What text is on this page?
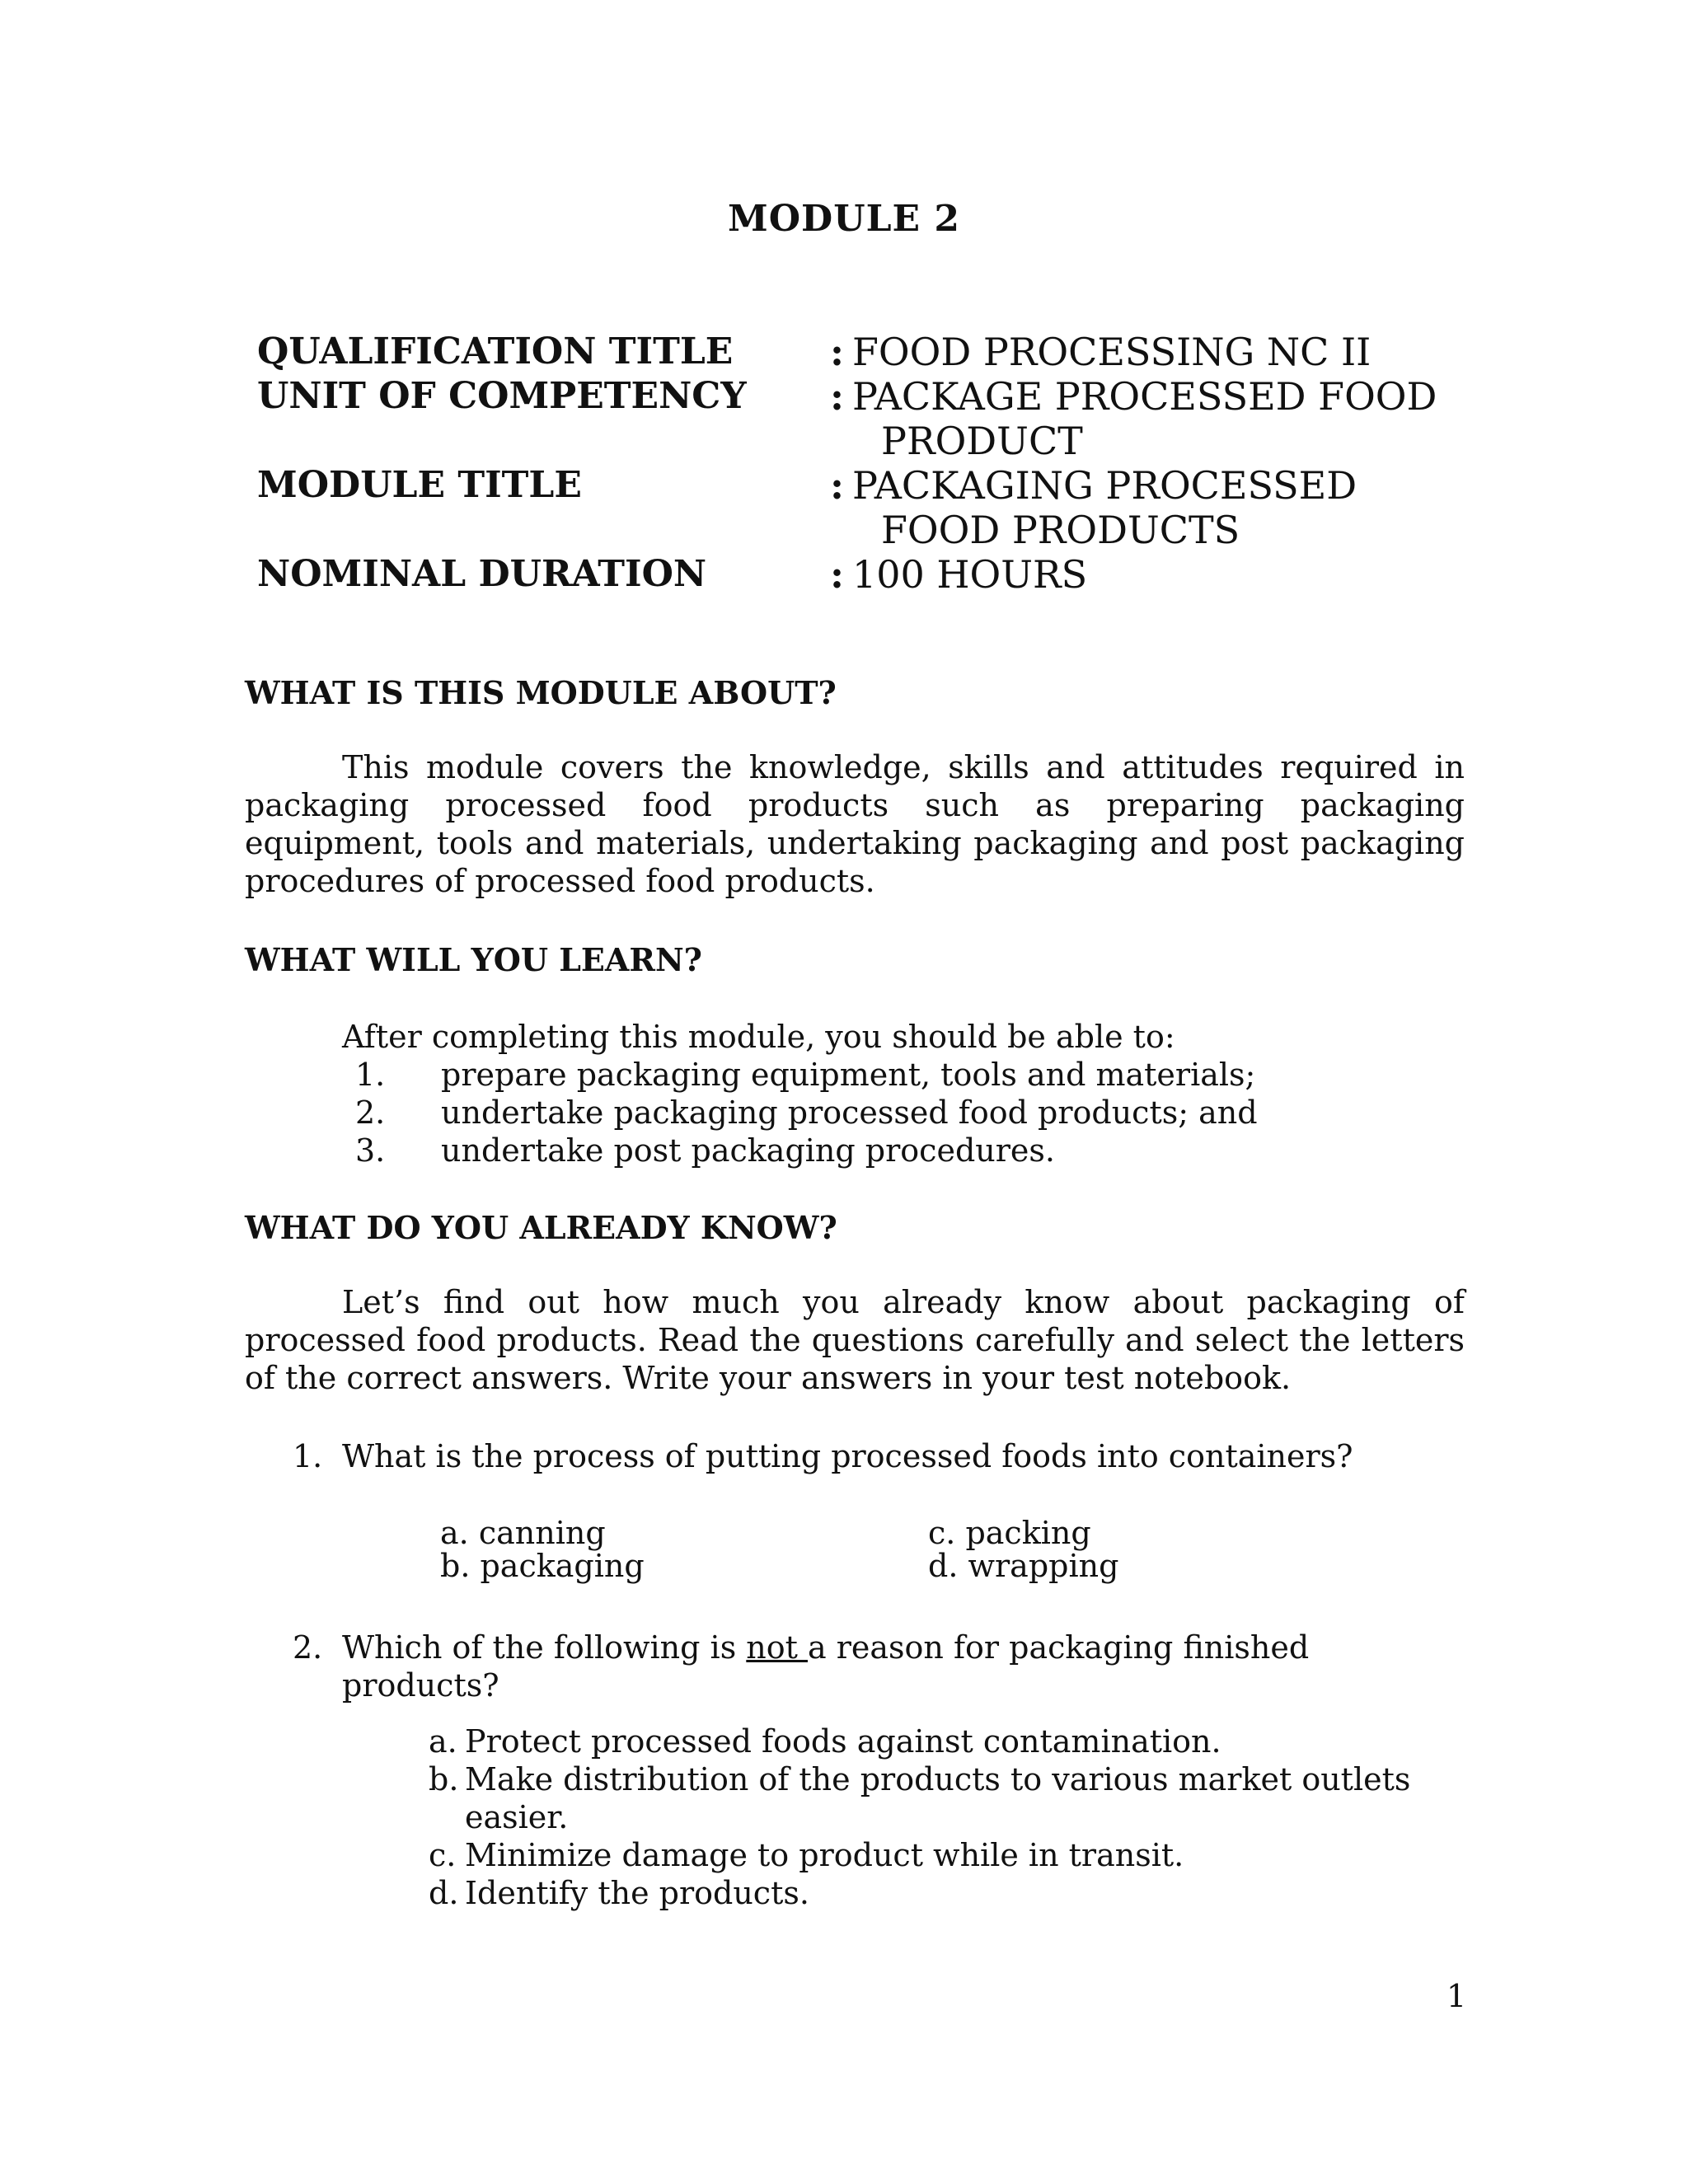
MODULE 2
QUALIFICATION TITLE	: FOOD PROCESSING NC II
UNIT OF COMPETENCY : PACKAGE PROCESSED FOOD
PRODUCT
MODULE TITLE	: PACKAGING PROCESSED
FOOD PRODUCTS
NOMINAL DURATION	: 100 HOURS
WHAT IS THIS MODULE ABOUT?
This module covers the knowledge, skills and attitudes required in packaging processed food products such as preparing packaging equipment, tools and materials, undertaking packaging and post packaging procedures of processed food products.
WHAT WILL YOU LEARN?
After completing this module, you should be able to:
1. prepare packaging equipment, tools and materials;
2. undertake packaging processed food products; and
3. undertake post packaging procedures.
WHAT DO YOU ALREADY KNOW?
Let’s find out how much you already know about packaging of processed food products. Read the questions carefully and select the letters of the correct answers. Write your answers in your test notebook.
1. What is the process of putting processed foods into containers?
a. canning	c. packing
b. packaging	d. wrapping
2. Which of the following is not a reason for packaging finished products?
a. Protect processed foods against contamination.
b. Make distribution of the products to various market outlets easier.
c. Minimize damage to product while in transit.
d. Identify the products.
1
